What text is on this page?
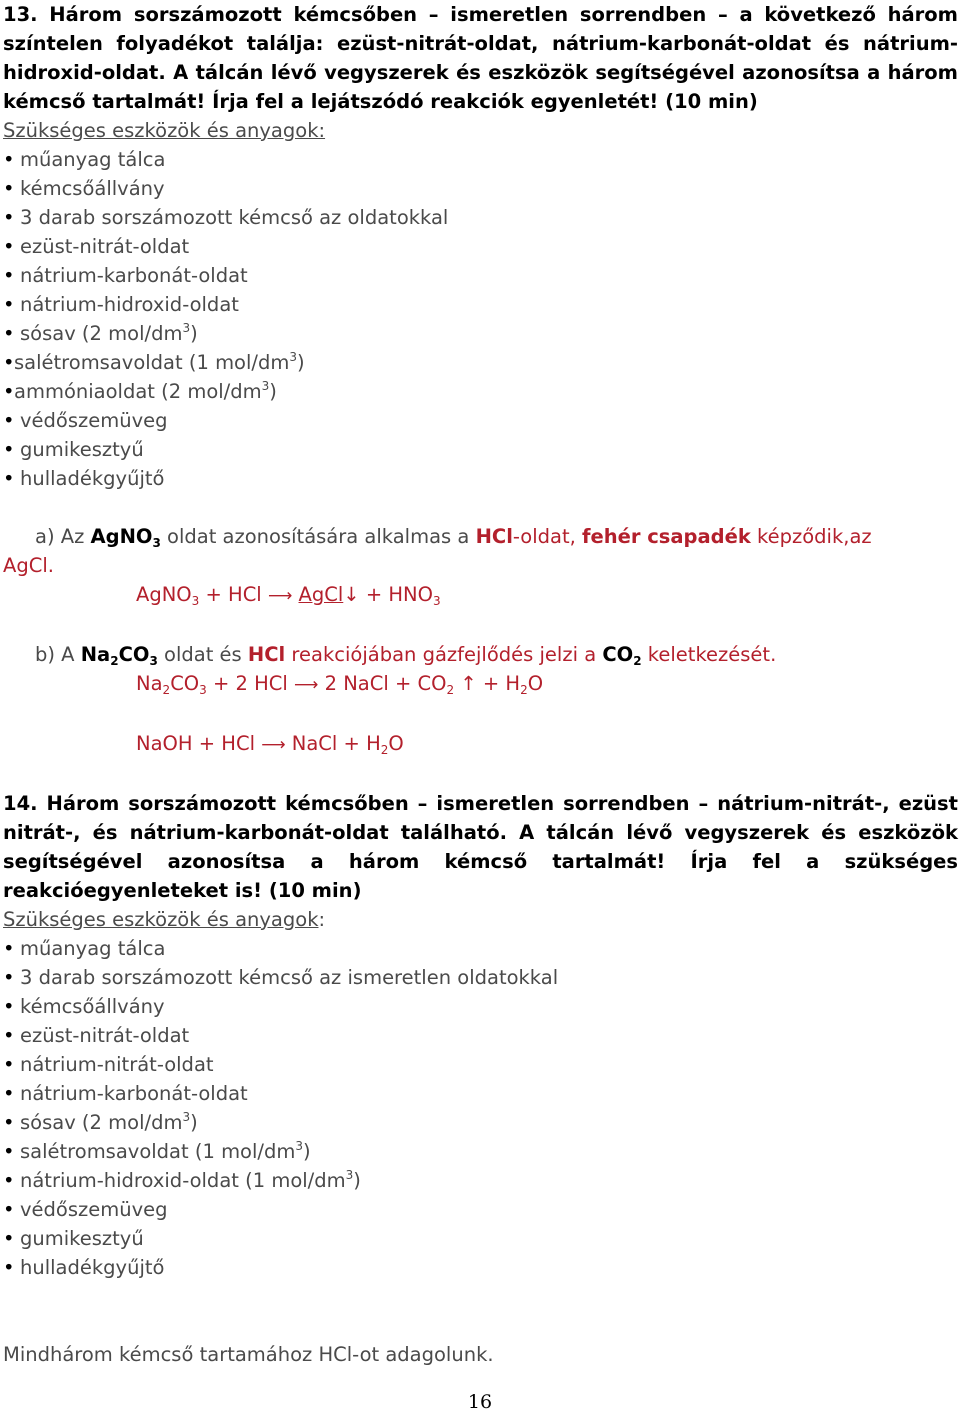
13. Három sorszámozott kémcsőben – ismeretlen sorrendben – a következő három színtelen folyadékot találja: ezüst-nitrát-oldat, nátrium-karbonát-oldat és nátrium-hidroxid-oldat. A tálcán lévő vegyszerek és eszközök segítségével azonosítsa a három kémcső tartalmát! Írja fel a lejátszódó reakciók egyenletét! (10 min)

Szükséges eszközök és anyagok:

• műanyag tálca
• kémcsőállvány
• 3 darab sorszámozott kémcső az oldatokkal
• ezüst-nitrát-oldat
• nátrium-karbonát-oldat
• nátrium-hidroxid-oldat
• sósav (2 mol/$dm^3$)
•salétromsavoldat (1 mol/$dm^3$)
•ammóniaoldat (2 mol/$dm^3$)
• védőszemüveg
• gumikesztyű
• hulladékgyűjtő

a) Az AgNO$_3$ oldat azonosítására alkalmas a HCl-oldat, fehér csapadék képződik,az

AgCl.

AgNO$_3$ + HCl ⟶ AgCl↓ + $HNO_3$

b) A $Na_2CO_3$ oldat és HCl reakciójában gázfejlődés jelzi a $CO_2$ keletkezését.

$Na_2CO_3 + 2$ HCl ⟶ 2 NaCl + $CO_2$ ↑ + $H_2O$

NaOH + HCl ⟶ NaCl + $H_2O$

14. Három sorszámozott kémcsőben – ismeretlen sorrendben – nátrium-nitrát-, ezüst nitrát-, és nátrium-karbonát-oldat található. A tálcán lévő vegyszerek és eszközök segítségével azonosítsa a három kémcső tartalmát! Írja fel a szükséges reakcióegyenleteket is! (10 min)

Szükséges eszközök és anyagok:

• műanyag tálca
• 3 darab sorszámozott kémcső az ismeretlen oldatokkal
• kémcsőállvány
• ezüst-nitrát-oldat
• nátrium-nitrát-oldat
• nátrium-karbonát-oldat
• sósav (2 mol/$dm^3$)
• salétromsavoldat (1 mol/$dm^3$)
• nátrium-hidroxid-oldat (1 mol/$dm^3$)
• védőszemüveg
• gumikesztyű
• hulladékgyűjtő

Mindhárom kémcső tartamához HCl-ot adagolunk.

16
